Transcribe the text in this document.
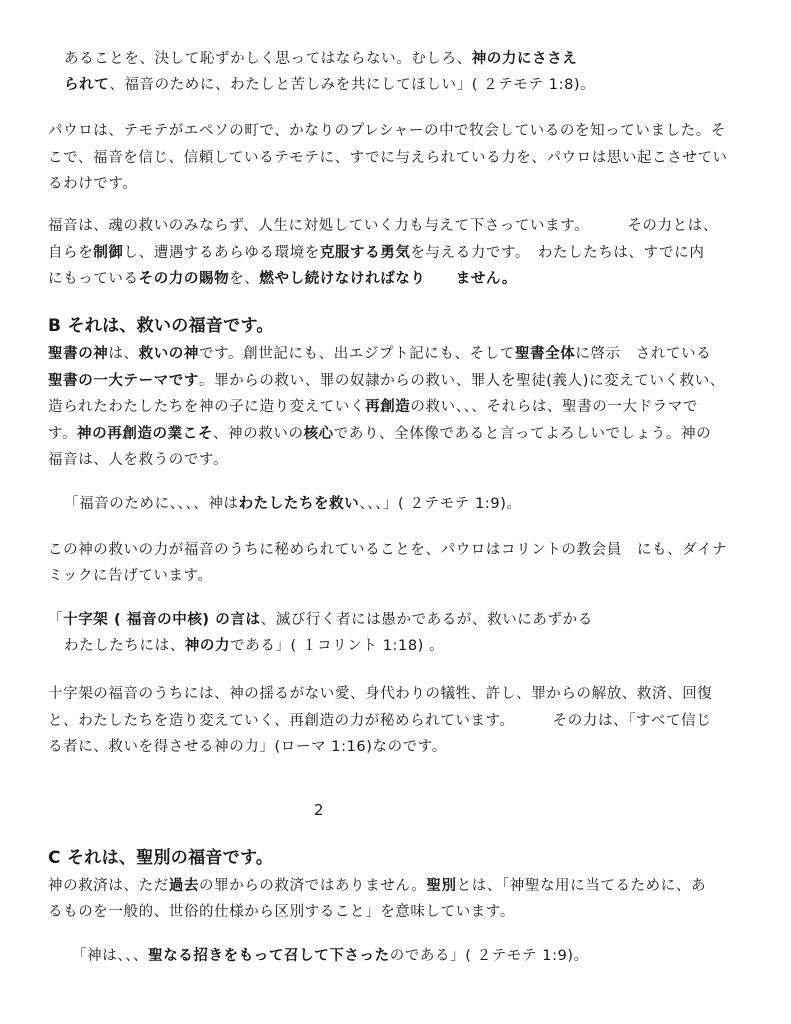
あることを、決して恥ずかしく思ってはならない。むしろ、神の力にささえ
られて、福音のために、わたしと苦しみを共にしてほしい」( ２テモテ 1:8)。
パウロは、テモテがエペソの町で、かなりのプレシャーの中で牧会しているのを知っていました。そ
こで、福音を信じ、信頼しているテモテに、すでに与えられている力を、パウロは思い起こさせてい
るわけです。
福音は、魂の救いのみならず、人生に対処していく力も与えて下さっています。　　　その力とは、
自らを制御し、遭遇するあらゆる環境を克服する勇気を与える力です。　わたしたちは、すでに内
にもっているその力の賜物を、燃やし続けなければなり　　ません。
B それは、救いの福音です。
聖書の神は、救いの神です。創世記にも、出エジプト記にも、そして聖書全体に啓示　されている
聖書の一大テーマです。罪からの救い、罪の奴隷からの救い、罪人を聖徒(義人)に変えていく救い、
造られたわたしたちを神の子に造り変えていく再創造の救い、、、それらは、聖書の一大ドラマで
す。神の再創造の業こそ、神の救いの核心であり、全体像であると言ってよろしいでしょう。神の
福音は、人を救うのです。
「福音のために、、、、神はわたしたちを救い、、、」( ２テモテ 1:9)。
この神の救いの力が福音のうちに秘められていることを、パウロはコリントの教会員　にも、ダイナ
ミックに告げています。
「十字架 ( 福音の中核) の言は、滅び行く者には愚かであるが、救いにあずかる
わたしたちには、神の力である」( １コリント 1:18) 。
十字架の福音のうちには、神の揺るがない愛、身代わりの犠牲、許し、罪からの解放、救済、回復
と、わたしたちを造り変えていく、再創造の力が秘められています。　　　その力は、「すべて信じ
る者に、救いを得させる神の力」(ローマ 1:16)なのです。
2
C それは、聖別の福音です。
神の救済は、ただ過去の罪からの救済ではありません。聖別とは、「神聖な用に当てるために、あ
るものを一般的、世俗的仕様から区別すること」を意味しています。
「神は、、、聖なる招きをもって召して下さったのである」( ２テモテ 1:9)。
